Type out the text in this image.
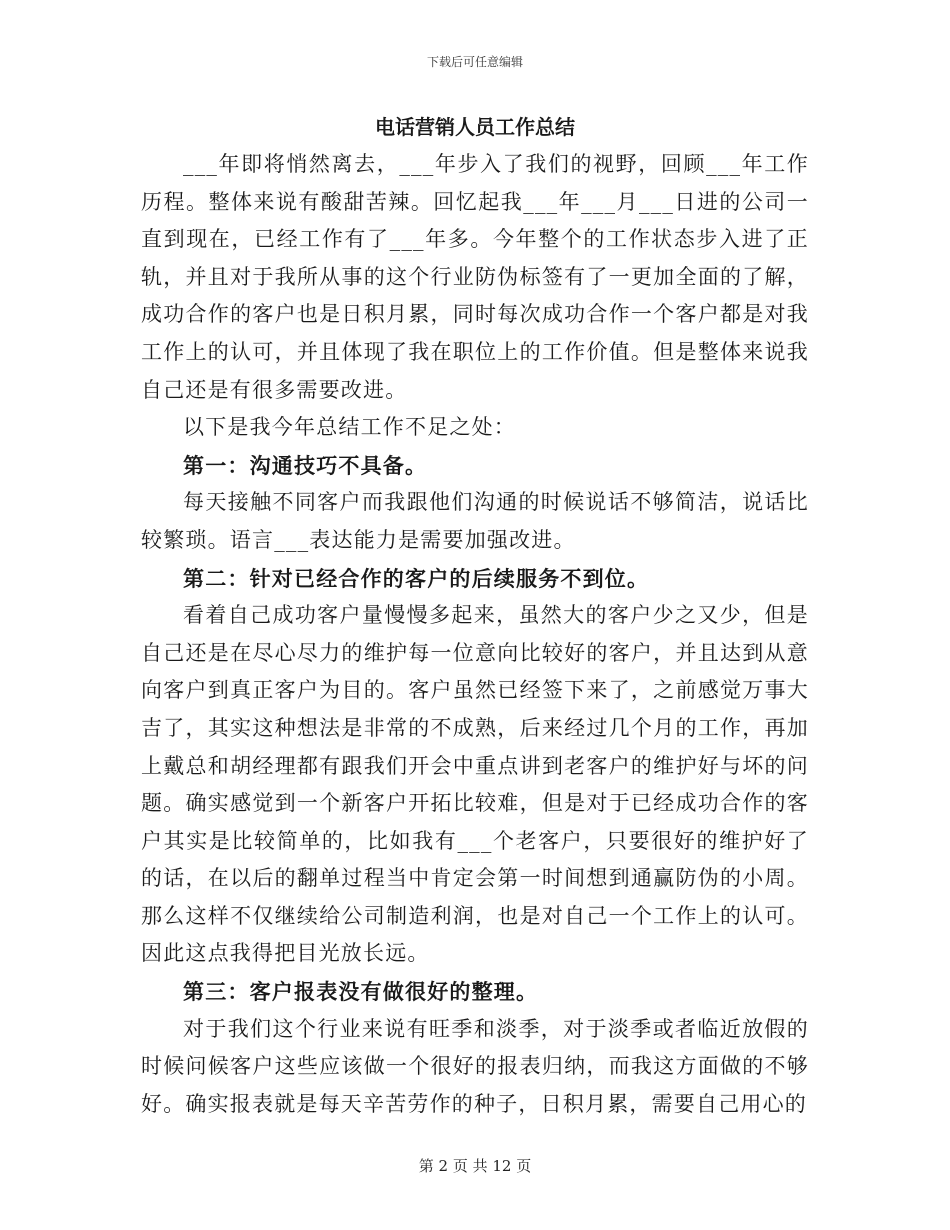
下载后可任意编辑
电话营销人员工作总结

___年即将悄然离去，___年步入了我们的视野，回顾___年工作历程。整体来说有酸甜苦辣。回忆起我___年___月___日进的公司一直到现在，已经工作有了___年多。今年整个的工作状态步入进了正轨，并且对于我所从事的这个行业防伪标签有了一更加全面的了解，成功合作的客户也是日积月累，同时每次成功合作一个客户都是对我工作上的认可，并且体现了我在职位上的工作价值。但是整体来说我自己还是有很多需要改进。

以下是我今年总结工作不足之处：

第一：沟通技巧不具备。

每天接触不同客户而我跟他们沟通的时候说话不够简洁，说话比较繁琐。语言___表达能力是需要加强改进。

第二：针对已经合作的客户的后续服务不到位。

看着自己成功客户量慢慢多起来，虽然大的客户少之又少，但是自己还是在尽心尽力的维护每一位意向比较好的客户，并且达到从意向客户到真正客户为目的。客户虽然已经签下来了，之前感觉万事大吉了，其实这种想法是非常的不成熟，后来经过几个月的工作，再加上戴总和胡经理都有跟我们开会中重点讲到老客户的维护好与坏的问题。确实感觉到一个新客户开拓比较难，但是对于已经成功合作的客户其实是比较简单的，比如我有___个老客户，只要很好的维护好了的话，在以后的翻单过程当中肯定会第一时间想到通赢防伪的小周。那么这样不仅继续给公司制造利润，也是对自己一个工作上的认可。因此这点我得把目光放长远。

第三：客户报表没有做很好的整理。

对于我们这个行业来说有旺季和淡季，对于淡季或者临近放假的时候问候客户这些应该做一个很好的报表归纳，而我这方面做的不够好。确实报表就是每天辛苦劳作的种子，日积月累，需要自己用心的

第 2 页 共 12 页
